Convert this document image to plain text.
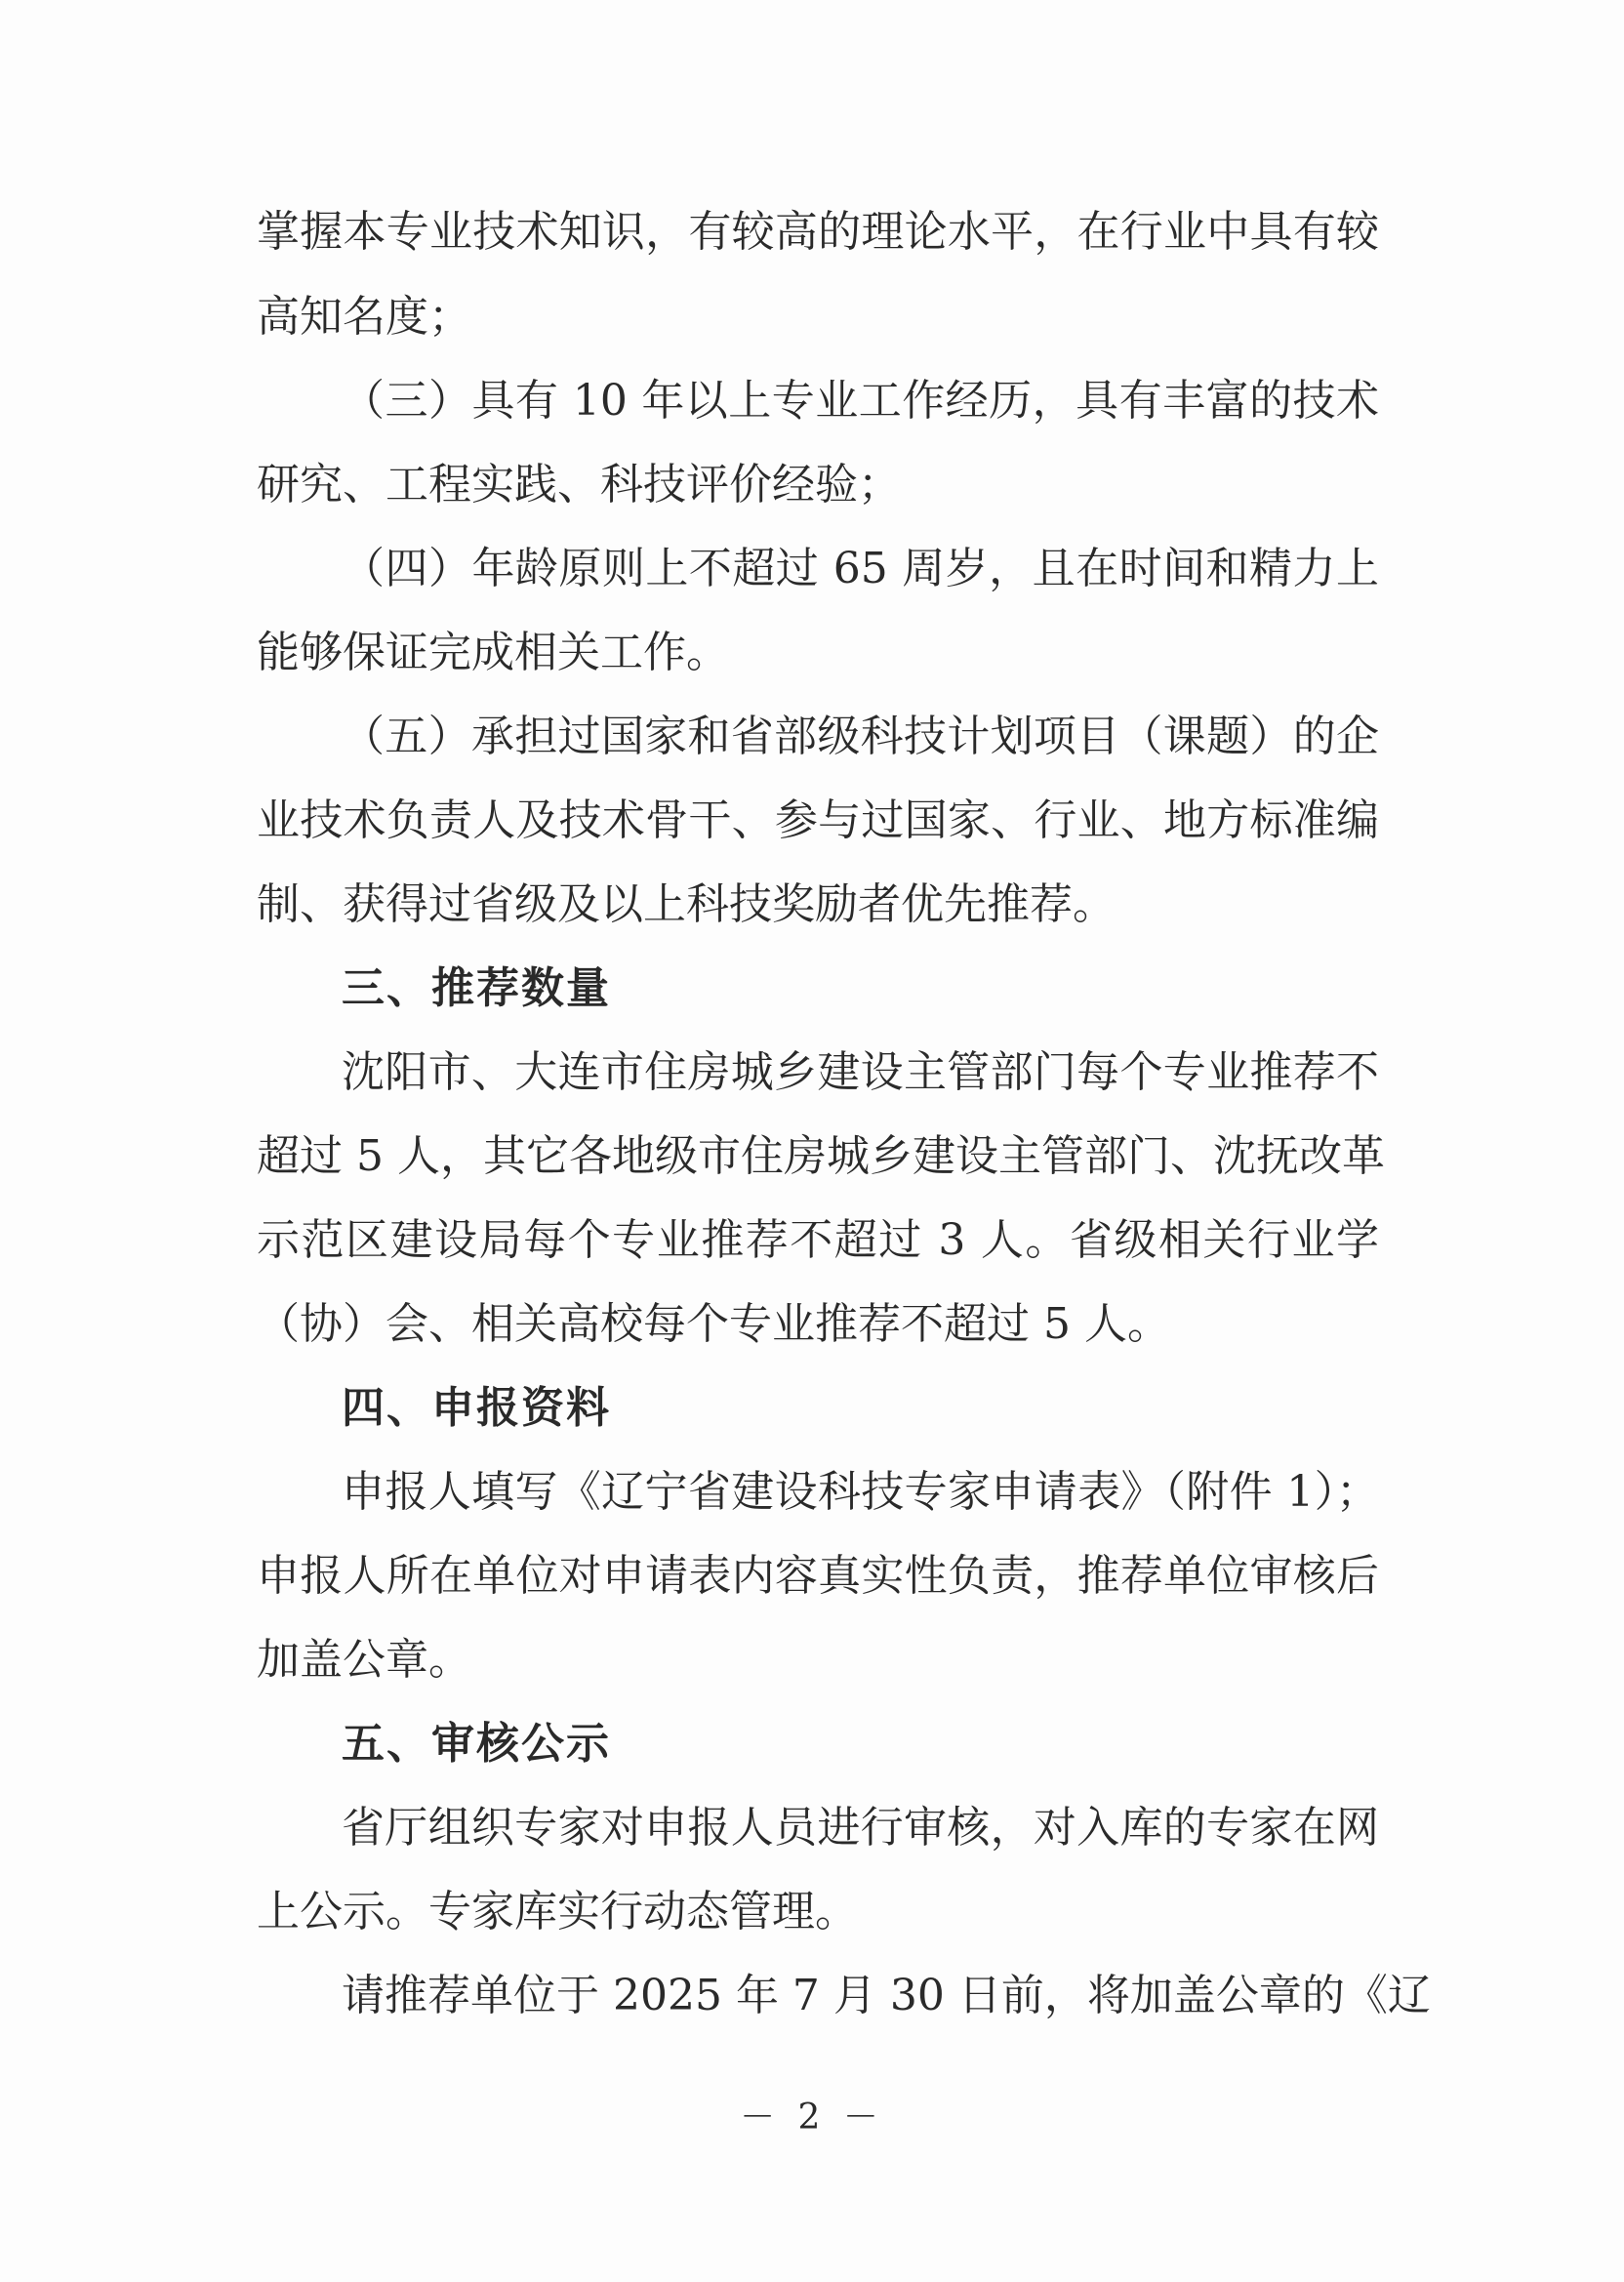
掌握本专业技术知识，有较高的理论水平，在行业中具有较
高知名度；
（三）具有 10 年以上专业工作经历，具有丰富的技术
研究、工程实践、科技评价经验；
（四）年龄原则上不超过 65 周岁，且在时间和精力上
能够保证完成相关工作。
（五）承担过国家和省部级科技计划项目（课题）的企
业技术负责人及技术骨干、参与过国家、行业、地方标准编
制、获得过省级及以上科技奖励者优先推荐。
三、推荐数量
沈阳市、大连市住房城乡建设主管部门每个专业推荐不
超过 5 人，其它各地级市住房城乡建设主管部门、沈抚改革
示范区建设局每个专业推荐不超过 3 人。省级相关行业学
（协）会、相关高校每个专业推荐不超过 5 人。
四、申报资料
申报人填写《辽宁省建设科技专家申请表》（附件 1）；
申报人所在单位对申请表内容真实性负责，推荐单位审核后
加盖公章。
五、审核公示
省厅组织专家对申报人员进行审核，对入库的专家在网
上公示。专家库实行动态管理。
请推荐单位于 2025 年 7 月 30 日前，将加盖公章的《辽
－ 2 －
